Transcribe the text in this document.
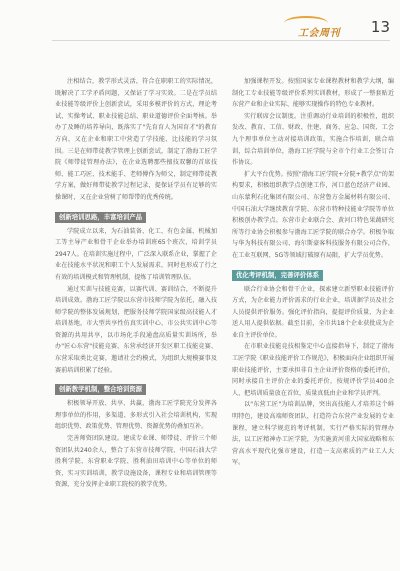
工会周刊 13

注相结合，教学形式灵活，符合在职职工的实际情况，既解决了工学矛盾问题，又保证了学习实效。二是在学员结业技能等级评价上创新尝试，采用多模评价的方式，理论考试、实操考试、职业技能总结、职业道德评价全面考核。举办了及睡的培养导向，既落实了"先育育人为国育才"的教育方向，又在企业和职工中营造了学技能、比技能的学习氛围。三是在师带徒教学管理上创新尝试，制定了渤海工匠学院《师带徒管理办法》，在企业选聘那些擅技双馨的首席技师、能工巧匠、技术能手、老师傅作为师父，制定师带徒教学方案，做好师带徒教学过程记录，提保证学员有足够的实操课时，又在企业营树了师帮带的优秀传统。

创新培训思路，丰富培训产品

学院成立以来，为石油装备、化工、有色金属、机械加工等主导产业和骨干企业举办培训班65个班次，培训学员2947人。在培训实施过程中，广泛深入联系企业，掌握了企业在技能水平状况和职工个人发展需求，同时也形成了行之有效的培训模式和管理机制，提炼了培训管理队伍。

通过实训与技能竞赛，以赛代训、赛训结合，不断提升培训成效。渤海工匠学院以东营市技师学院为依托，融入技师学院的整体发展规划，把服务技师学院国家级高技能人才培训基地，市大型共享性仿真实训中心、市公共实训中心等资源的共用共享，以市场化手段通盘高质量实训场所，举办"匠心东营"技能竞赛、东营承经济开发区职工技能竞赛、东营采取类比竞赛，邀请社会约模式，为组织大规模赛事及赛前培训积累了经验。

创新教学机制，整合培训资源

积极领导开放、共享、共赢，渤海工匠学院充分发挥各理事单位的作用，多渠道、多形式引入社会培训机构，实现组织优势、政策优势、管理优势、资源优势的叠加互补。

完善师资团队建设。建成专业课、师带徒、评价三个师资团队共240余人，整合了东营市技师学院、中国石油大学胜利学院、东营职业学院、胜利油田培训中心等单位的师资，实习实训培训，教学设施设备，课程专业和培训管理等资源，充分发挥企业职工院校的教学优势。

加强课程开发。按照国家专业课程教材和教学大纲，编制化工专业技能等级评价系列实训教材，形成了一整套贴近东营产业和企业实际、能够实现操作的特色专业教材。

实行联席会议制度。注重调动行业培训的积极性，组织发改、教育、工信、财政、住建、商务、应急、国资、工会九个理事单位主动对接培训政策，实施合作培训，联合培训，综合培训单位，渤海工匠学院与全市个行业工会签订合作协议。

扩大平台优势。按照"渤海工匠学院+分院+教学点"的架构要求，积极组织教学点创建工作，河口蓝色经济产业园、山东蒙利石化集团有限公司、东营鲁方金属材料有限公司、中国石油大学继续教育学院、东营市特种技能业学院等单位积极创办教学点。东营市企业联合会、黄河口特色果蔬研究所等行业协会积极参与渤海工匠学院的联合办学。积极争取与华为科技有限公司、海尔斯豪客科技服务有限公司合作，在工业互联网、5G等领域打破原有局限，扩大学员优势。

优化考评机制，完善评价体系

联合行业协会和骨干企业，探索建立新型职业技能评价方式，为企业能力评价需求的行业企业，培训据学员及社会人员提供评价服务。强化评价指向，提提评价质量，为企业送人用人提供依据。截至目前，全市共18个企业获批成为企业自主评价单位。

在市职业技能竞技相鉴定中心直接指导下，制定了渤海工匠学院《职业技能评价工作规范》，积极面向企业组织开展职业技能评价，主要承担非自主企业评价资格的委托评价，同时承接自主评价企业的委托评价，按规评价学员400余人，把培训质量放在首位，质量真低由企业和学员评判。

以"东营工匠"为培训品牌，突出高技能人才培养这个鲜明特色，建设高端师资团队，打造符合东营产业发展的专业课程，建立科学规范的考评机制，实行严格实际的管理办法，以工匠精神办工匠学院，为实施黄河重大国家战略和东营高水平现代化强市建设，打造一支高素质的产业工人大军。
